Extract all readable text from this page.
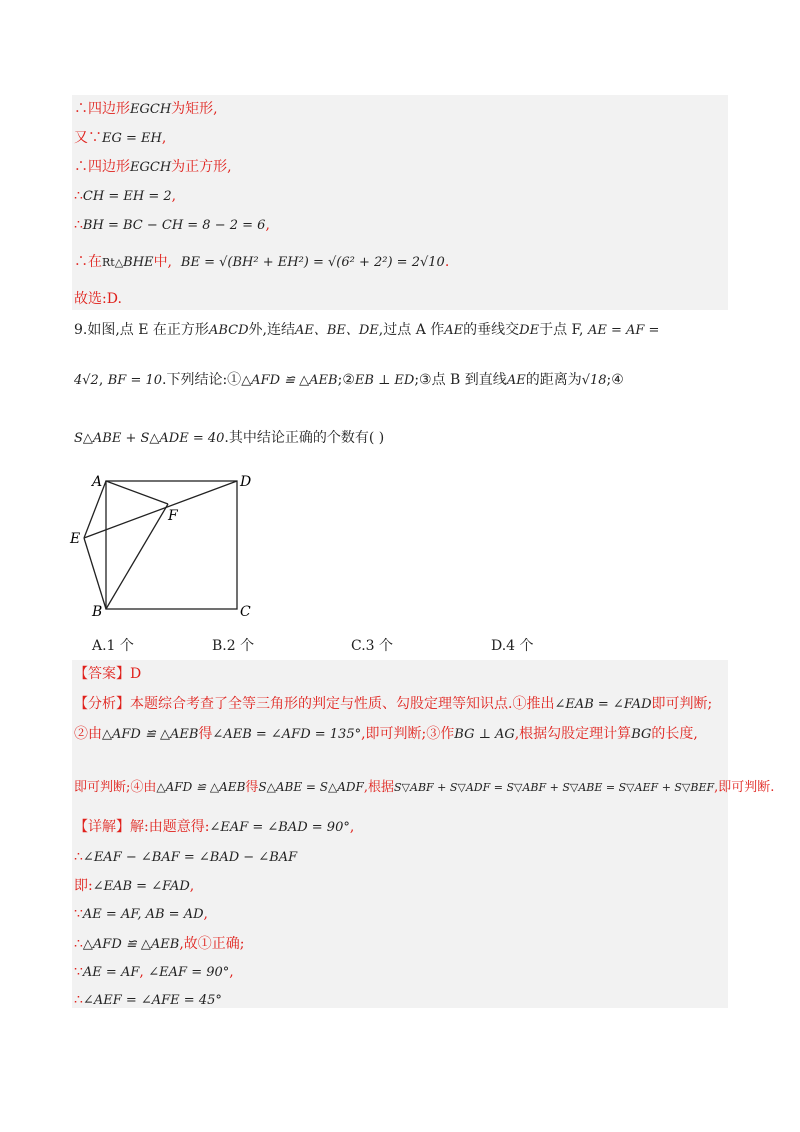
∴四边形EGCH为矩形,
又∵EG = EH,
∴四边形EGCH为正方形,
∴CH = EH = 2,
∴BH = BC − CH = 8 − 2 = 6,
∴在Rt△BHE中, BE = √(BH² + EH²) = √(6² + 2²) = 2√10.
故选:D.
9.如图,点 E 在正方形ABCD外,连结AE、BE、DE,过点 A 作AE的垂线交DE于点 F, AE = AF =
4√2, BF = 10.下列结论:①△AFD ≌ △AEB;②EB ⊥ ED;③点 B 到直线AE的距离为√18;④
S△ABE + S△ADE = 40.其中结论正确的个数有( )
A	D
F
E
B	C
A.1 个	B.2 个	C.3 个	D.4 个
【答案】D
【分析】本题综合考查了全等三角形的判定与性质、勾股定理等知识点.①推出∠EAB = ∠FAD即可判断;
②由△AFD ≌ △AEB得∠AEB = ∠AFD = 135°,即可判断;③作BG ⊥ AG,根据勾股定理计算BG的长度,
即可判断;④由△AFD ≌ △AEB得S△ABE = S△ADF,根据S▽ABF + S▽ADF = S▽ABF + S▽ABE = S▽AEF + S▽BEF,即可判断.
【详解】解:由题意得:∠EAF = ∠BAD = 90°,
∴∠EAF − ∠BAF = ∠BAD − ∠BAF
即:∠EAB = ∠FAD,
∵AE = AF, AB = AD,
∴△AFD ≌ △AEB,故①正确;
∵AE = AF, ∠EAF = 90°,
∴∠AEF = ∠AFE = 45°
